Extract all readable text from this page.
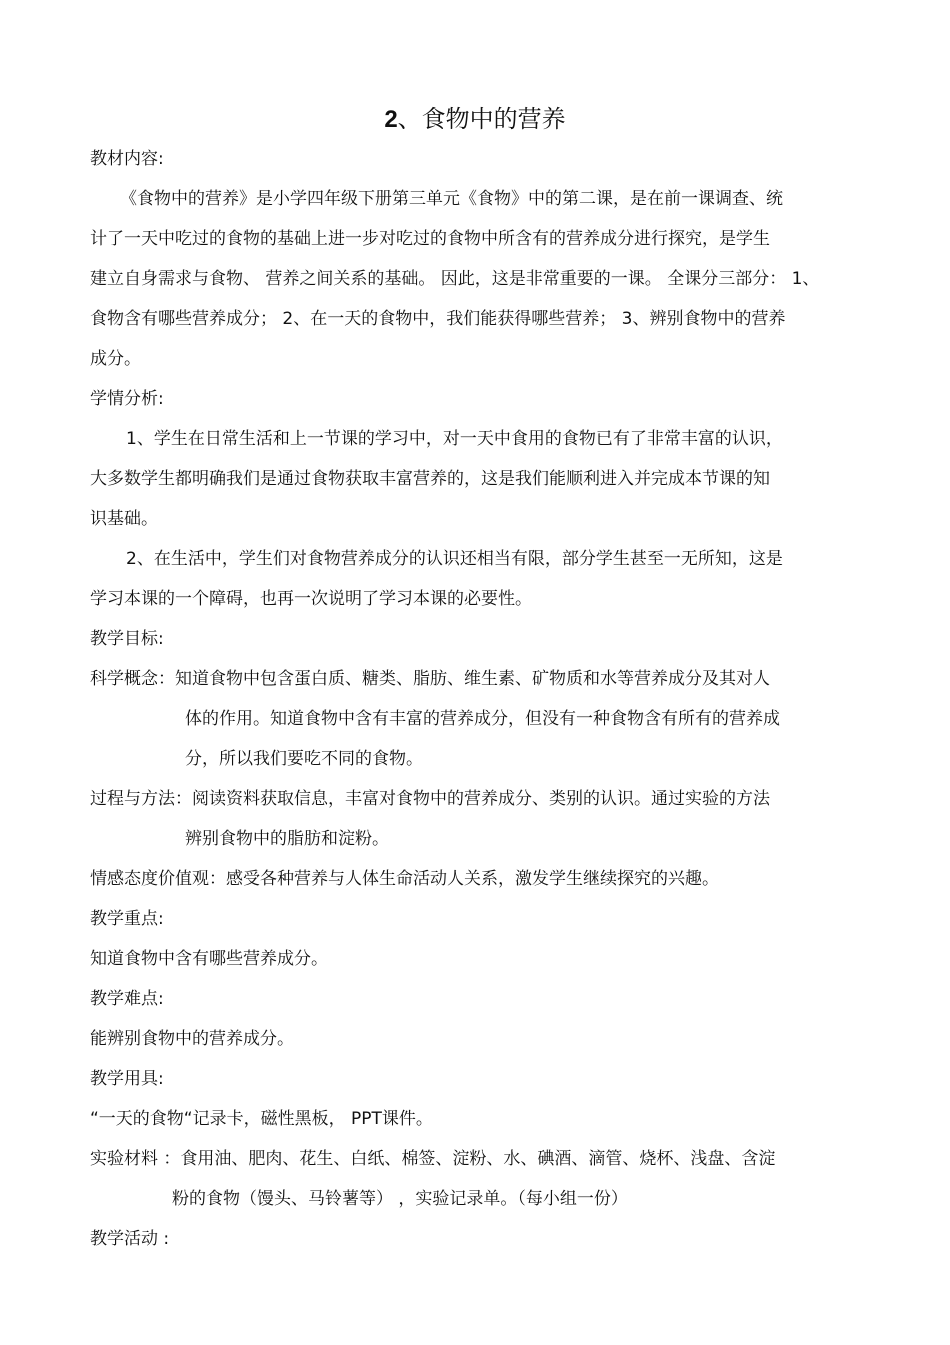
2、食物中的营养
教材内容:
《食物中的营养》是小学四年级下册第三单元《食物》中的第二课，是在前一课调查、统
计了一天中吃过的食物的基础上进一步对吃过的食物中所含有的营养成分进行探究，是学生
建立自身需求与食物、 营养之间关系的基础。 因此，这是非常重要的一课。 全课分三部分： 1、
食物含有哪些营养成分； 2、在一天的食物中，我们能获得哪些营养； 3、辨别食物中的营养
成分。
学情分析:
1、学生在日常生活和上一节课的学习中，对一天中食用的食物已有了非常丰富的认识，
大多数学生都明确我们是通过食物获取丰富营养的，这是我们能顺利进入并完成本节课的知
识基础。
2、在生活中，学生们对食物营养成分的认识还相当有限，部分学生甚至一无所知，这是
学习本课的一个障碍，也再一次说明了学习本课的必要性。
教学目标:
科学概念：知道食物中包含蛋白质、糖类、脂肪、维生素、矿物质和水等营养成分及其对人
体的作用。知道食物中含有丰富的营养成分，但没有一种食物含有所有的营养成
分，所以我们要吃不同的食物。
过程与方法：阅读资料获取信息，丰富对食物中的营养成分、类别的认识。通过实验的方法
辨别食物中的脂肪和淀粉。
情感态度价值观：感受各种营养与人体生命活动人关系，激发学生继续探究的兴趣。
教学重点:
知道食物中含有哪些营养成分。
教学难点:
能辨别食物中的营养成分。
教学用具:
“一天的食物“记录卡，磁性黑板， PPT课件。
实验材料 ：食用油、肥肉、花生、白纸、棉签、淀粉、水、碘酒、滴管、烧杯、浅盘、含淀
粉的食物（馒头、马铃薯等） ，实验记录单。（每小组一份）
教学活动 :
